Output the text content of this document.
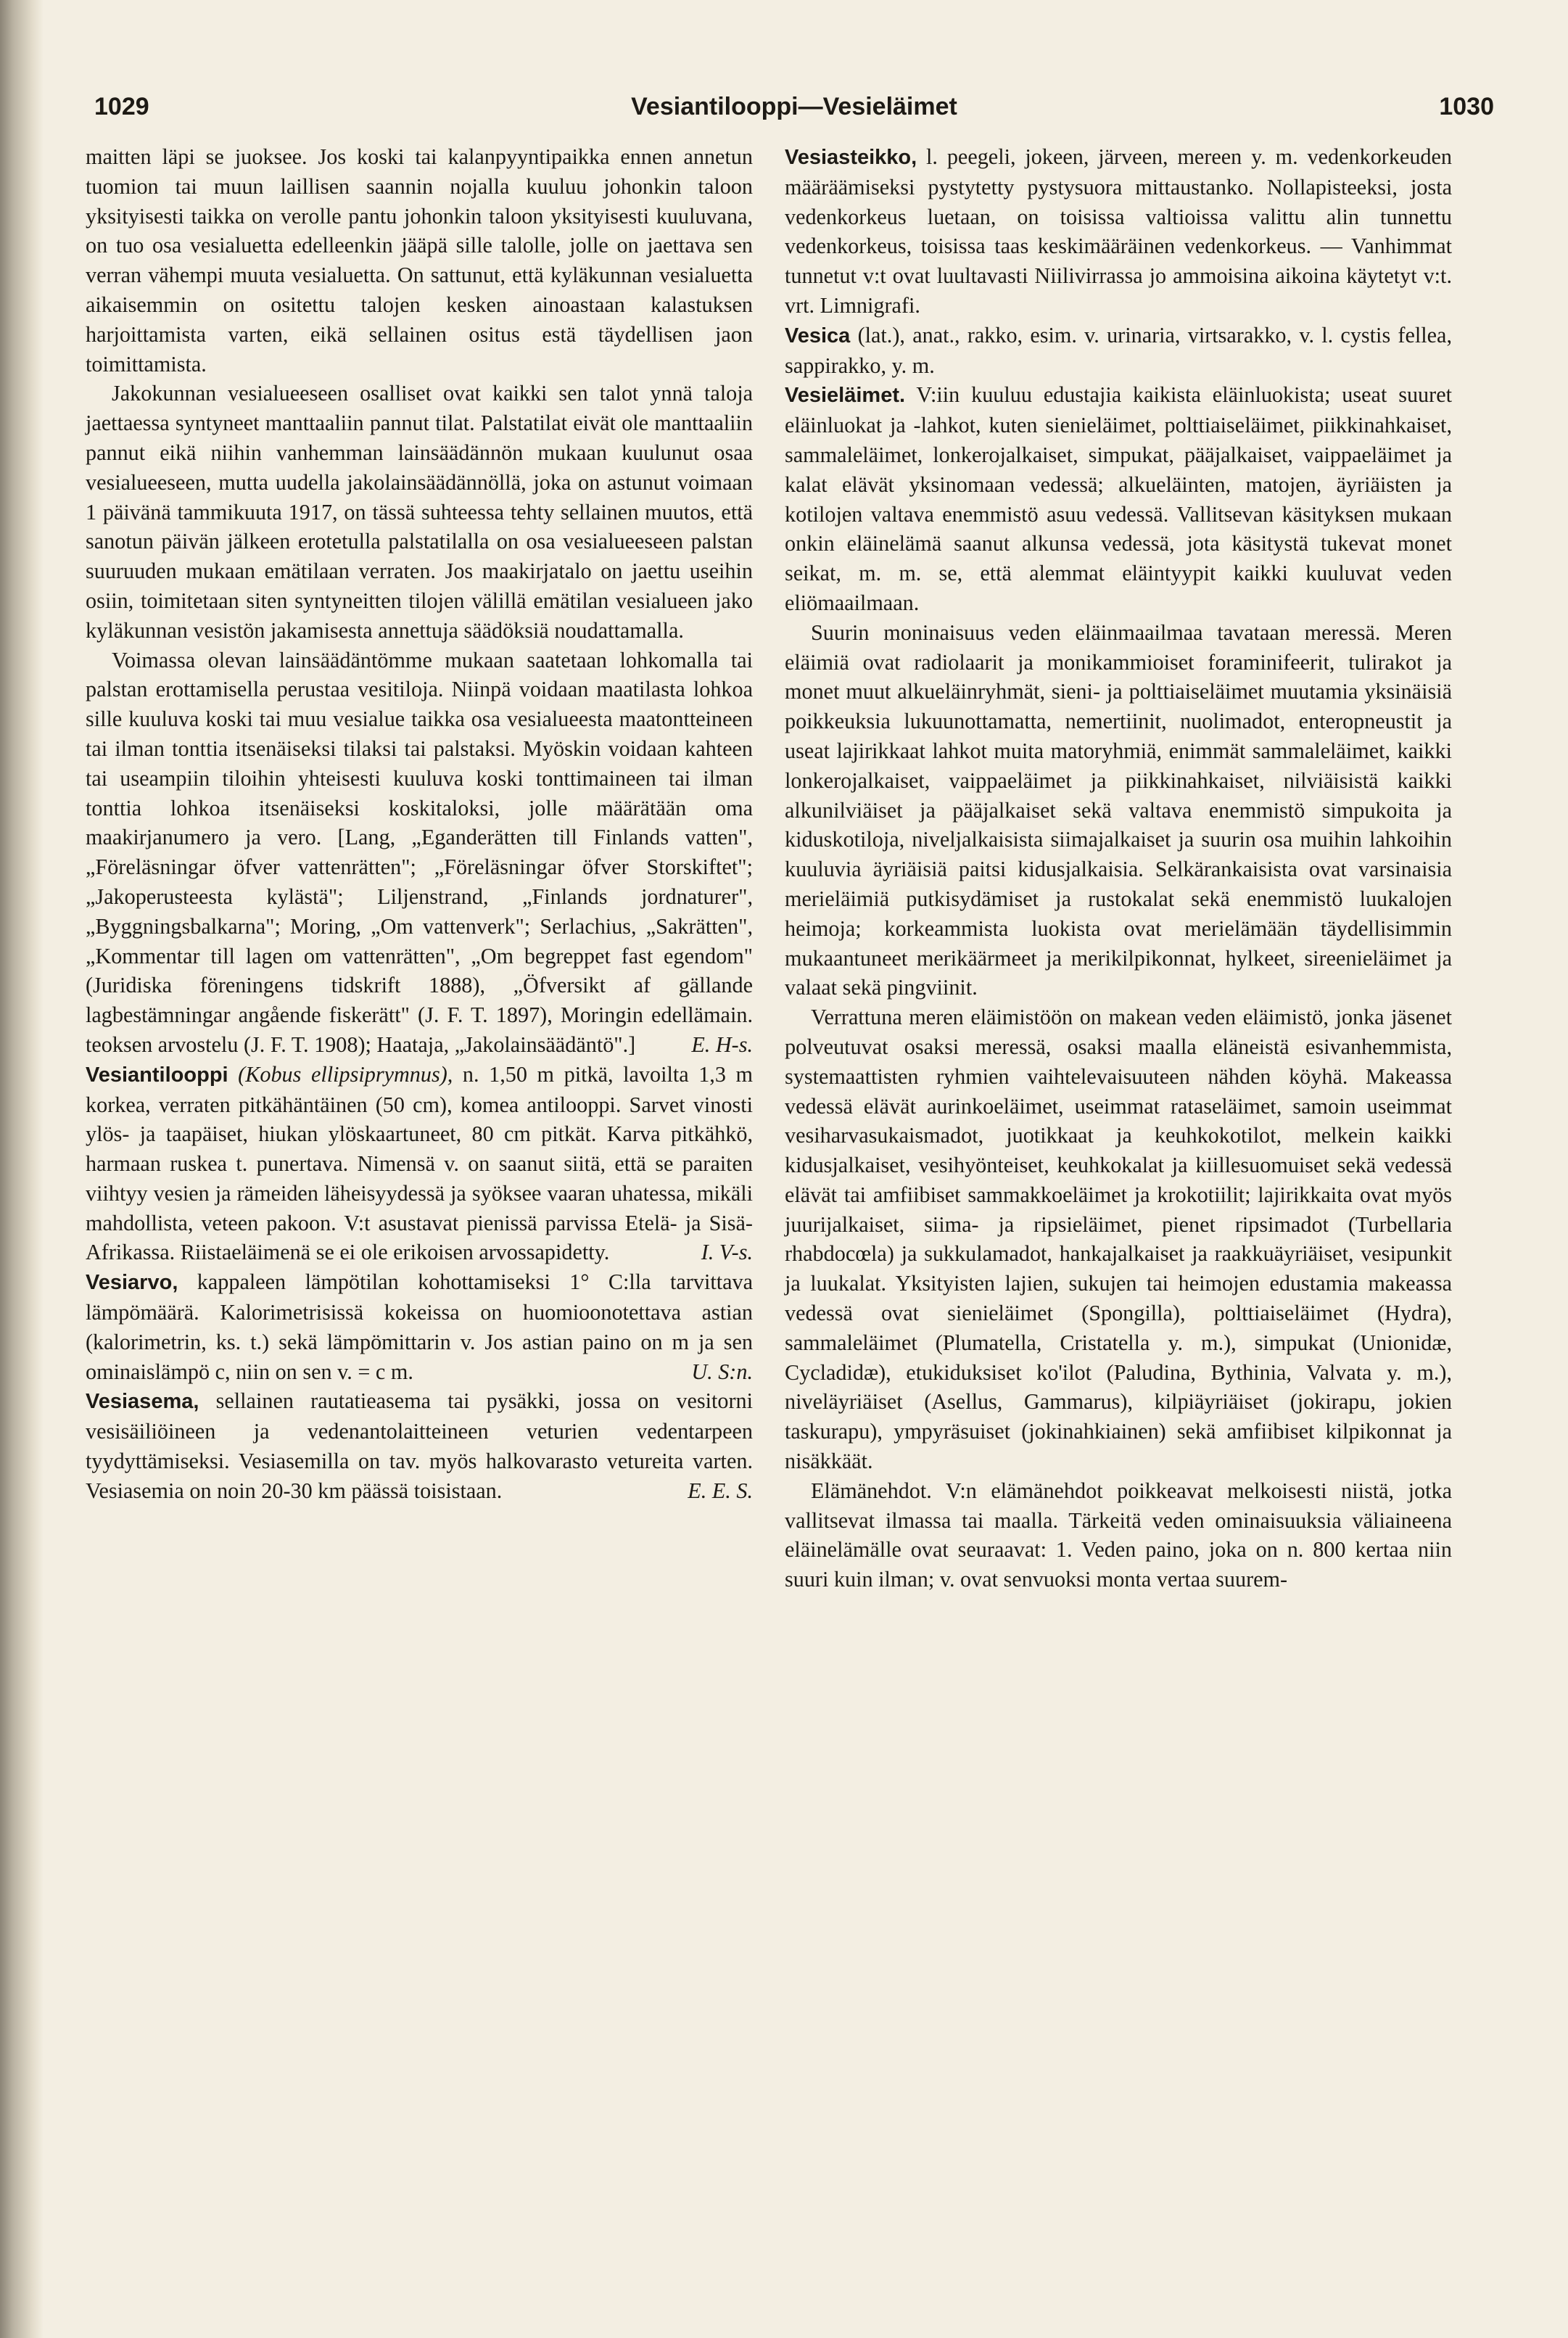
1029	Vesiantilooppi—Vesieläimet	1030

maitten läpi se juoksee. Jos koski tai kalanpyyntipaikka ennen annetun tuomion tai muun laillisen saannin nojalla kuuluu johonkin taloon yksityisesti taikka on verolle pantu johonkin taloon yksityisesti kuuluvana, on tuo osa vesialuetta edelleenkin jääpä sille talolle, jolle on jaettava sen verran vähempi muuta vesialuetta. On sattunut, että kyläkunnan vesialuetta aikaisemmin on ositettu talojen kesken ainoastaan kalastuksen harjoittamista varten, eikä sellainen ositus estä täydellisen jaon toimittamista.

Jakokunnan vesialueeseen osalliset ovat kaikki sen talot ynnä taloja jaettaessa syntyneet manttaaliin pannut tilat. Palstatilat eivät ole manttaaliin pannut eikä niihin vanhemman lainsäädännön mukaan kuulunut osaa vesialueeseen, mutta uudella jakolainsäädännöllä, joka on astunut voimaan 1 päivänä tammikuuta 1917, on tässä suhteessa tehty sellainen muutos, että sanotun päivän jälkeen erotetulla palstatilalla on osa vesialueeseen palstan suuruuden mukaan emätilaan verraten. Jos maakirjatalo on jaettu useihin osiin, toimitetaan siten syntyneitten tilojen välillä emätilan vesialueen jako kyläkunnan vesistön jakamisesta annettuja säädöksiä noudattamalla.

Voimassa olevan lainsäädäntömme mukaan saatetaan lohkomalla tai palstan erottamisella perustaa vesitiloja. Niinpä voidaan maatilasta lohkoa sille kuuluva koski tai muu vesialue taikka osa vesialueesta maatontteineen tai ilman tonttia itsenäiseksi tilaksi tai palstaksi. Myöskin voidaan kahteen tai useampiin tiloihin yhteisesti kuuluva koski tonttimaineen tai ilman tonttia lohkoa itsenäiseksi koskitaloksi, jolle määrätään oma maakirjanumero ja vero. [Lang, „Eganderätten till Finlands vatten", „Föreläsningar öfver vattenrätten"; „Föreläsningar öfver Storskiftet"; „Jakoperusteesta kylästä"; Liljenstrand, „Finlands jordnaturer", „Byggningsbalkarna"; Moring, „Om vattenverk"; Serlachius, „Sakrätten", „Kommentar till lagen om vattenrätten", „Om begreppet fast egendom" (Juridiska föreningens tidskrift 1888), „Öfversikt af gällande lagbestämningar angående fiskerätt" (J. F. T. 1897), Moringin edellämain. teoksen arvostelu (J. F. T. 1908); Haataja, „Jakolainsäädäntö".]	E. H-s.

Vesiantilooppi (Kobus ellipsiprymnus), n. 1,50 m pitkä, lavoilta 1,3 m korkea, verraten pitkähäntäinen (50 cm), komea antilooppi. Sarvet vinosti ylös- ja taapäiset, hiukan ylöskaartuneet, 80 cm pitkät. Karva pitkähkö, harmaan ruskea t. punertava. Nimensä v. on saanut siitä, että se paraiten viihtyy vesien ja rämeiden läheisyydessä ja syöksee vaaran uhatessa, mikäli mahdollista, veteen pakoon. V:t asustavat pienissä parvissa Etelä- ja Sisä-Afrikassa. Riistaeläimenä se ei ole erikoisen arvossapidetty.	I. V-s.

Vesiarvo, kappaleen lämpötilan kohottamiseksi 1° C:lla tarvittava lämpömäärä. Kalorimetrisissä kokeissa on huomioonotettava astian (kalorimetrin, ks. t.) sekä lämpömittarin v. Jos astian paino on m ja sen ominaislämpö c, niin on sen v. = c m.	U. S:n.

Vesiasema, sellainen rautatieasema tai pysäkki, jossa on vesitorni vesisäiliöineen ja vedenantolaitteineen veturien vedentarpeen tyydyttämiseksi. Vesiasemilla on tav. myös halkovarasto vetureita varten. Vesiasemia on noin 20-30 km päässä toisistaan.	E. E. S.

Vesiasteikko, l. peegeli, jokeen, järveen, mereen y. m. vedenkorkeuden määräämiseksi pystytetty pystysuora mittaustanko. Nollapisteeksi, josta vedenkorkeus luetaan, on toisissa valtioissa valittu alin tunnettu vedenkorkeus, toisissa taas keskimääräinen vedenkorkeus. — Vanhimmat tunnetut v:t ovat luultavasti Niilivirrassa jo ammoisina aikoina käytetyt v:t. vrt. Limnigrafi.

Vesica (lat.), anat., rakko, esim. v. urinaria, virtsarakko, v. l. cystis fellea, sappirakko, y. m.

Vesieläimet. V:iin kuuluu edustajia kaikista eläinluokista; useat suuret eläinluokat ja -lahkot, kuten sienieläimet, polttiaiseläimet, piikkinahkaiset, sammaleläimet, lonkerojalkaiset, simpukat, pääjalkaiset, vaippaeläimet ja kalat elävät yksinomaan vedessä; alkueläinten, matojen, äyriäisten ja kotilojen valtava enemmistö asuu vedessä. Vallitsevan käsityksen mukaan onkin eläinelämä saanut alkunsa vedessä, jota käsitystä tukevat monet seikat, m. m. se, että alemmat eläintyypit kaikki kuuluvat veden eliömaailmaan.

Suurin moninaisuus veden eläinmaailmaa tavataan meressä. Meren eläimiä ovat radiolaarit ja monikammioiset foraminifeerit, tulirakot ja monet muut alkueläinryhmät, sieni- ja polttiaiseläimet muutamia yksinäisiä poikkeuksia lukuunottamatta, nemertiinit, nuolimadot, enteropneustit ja useat lajirikkaat lahkot muita matoryhmiä, enimmät sammaleläimet, kaikki lonkerojalkaiset, vaippaeläimet ja piikkinahkaiset, nilviäisistä kaikki alkunilviäiset ja pääjalkaiset sekä valtava enemmistö simpukoita ja kiduskotiloja, niveljalkaisista siimajalkaiset ja suurin osa muihin lahkoihin kuuluvia äyriäisiä paitsi kidusjalkaisia. Selkärankaisista ovat varsinaisia merieläimiä putkisydämiset ja rustokalat sekä enemmistö luukalojen heimoja; korkeammista luokista ovat merielämään täydellisimmin mukaantuneet merikäärmeet ja merikilpikonnat, hylkeet, sireenieläimet ja valaat sekä pingviinit.

Verrattuna meren eläimistöön on makean veden eläimistö, jonka jäsenet polveutuvat osaksi meressä, osaksi maalla eläneistä esivanhemmista, systemaattisten ryhmien vaihtelevaisuuteen nähden köyhä. Makeassa vedessä elävät aurinkoeläimet, useimmat rataseläimet, samoin useimmat vesiharvasukaismadot, juotikkaat ja keuhkokotilot, melkein kaikki kidusjalkaiset, vesihyönteiset, keuhkokalat ja kiillesuomuiset sekä vedessä elävät tai amfiibiset sammakkoeläimet ja krokotiilit; lajirikkaita ovat myös juurijalkaiset, siima- ja ripsieläimet, pienet ripsimadot (Turbellaria rhabdocœla) ja sukkulamadot, hankajalkaiset ja raakkuäyriäiset, vesipunkit ja luukalat. Yksityisten lajien, sukujen tai heimojen edustamia makeassa vedessä ovat sienieläimet (Spongilla), polttiaiseläimet (Hydra), sammaleläimet (Plumatella, Cristatella y. m.), simpukat (Unionidæ, Cycladidæ), etukiduksiset ko'ilot (Paludina, Bythinia, Valvata y. m.), niveläyriäiset (Asellus, Gammarus), kilpiäyriäiset (jokirapu, jokien taskurapu), ympyräsuiset (jokinahkiainen) sekä amfiibiset kilpikonnat ja nisäkkäät.

Elämänehdot. V:n elämänehdot poikkeavat melkoisesti niistä, jotka vallitsevat ilmassa tai maalla. Tärkeitä veden ominaisuuksia väliaineena eläinelämälle ovat seuraavat: 1. Veden paino, joka on n. 800 kertaa niin suuri kuin ilman; v. ovat senvuoksi monta vertaa suurem-
